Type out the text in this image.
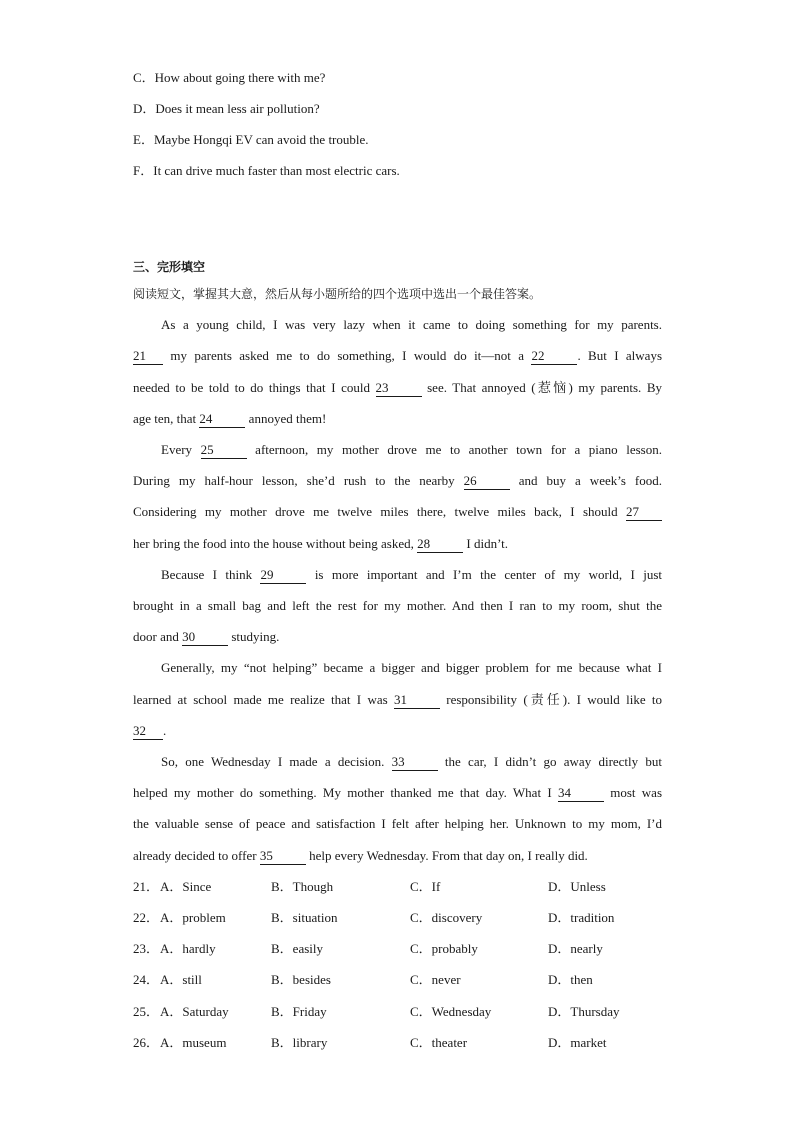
C．How about going there with me?
D．Does it mean less air pollution?
E．Maybe Hongqi EV can avoid the trouble.
F．It can drive much faster than most electric cars.
三、完形填空
阅读短文，掌握其大意，然后从每小题所给的四个选项中选出一个最佳答案。
As a young child, I was very lazy when it came to doing something for my parents.
21 my parents asked me to do something, I would do it—not a 22	. But I always
needed to be told to do things that I could 23	see. That annoyed (惹恼) my parents. By
age ten, that 24	annoyed them!
Every 25	afternoon, my mother drove me to another town for a piano lesson.
During my half-hour lesson, she’d rush to the nearby 26	and buy a week’s food.
Considering my mother drove me twelve miles there, twelve miles back, I should 27
her bring the food into the house without being asked, 28	I didn’t.
Because I think 29	is more important and I’m the center of my world, I just
brought in a small bag and left the rest for my mother. And then I ran to my room, shut the
door and 30	studying.
Generally, my “not helping” became a bigger and bigger problem for me because what I
learned at school made me realize that I was 31	responsibility (责任). I would like to
32 .
So, one Wednesday I made a decision. 33	the car, I didn’t go away directly but
helped my mother do something. My mother thanked me that day. What I 34	most was
the valuable sense of peace and satisfaction I felt after helping her. Unknown to my mom, I’d
already decided to offer 35	help every Wednesday. From that day on, I really did.
21． A．Since	B．Though	C．If	D．Unless
22． A．problem	B．situation	C．discovery	D．tradition
23． A．hardly	B．easily	C．probably	D．nearly
24． A．still	B．besides	C．never	D．then
25． A．Saturday	B．Friday	C．Wednesday	D．Thursday
26． A．museum	B．library	C．theater	D．market
